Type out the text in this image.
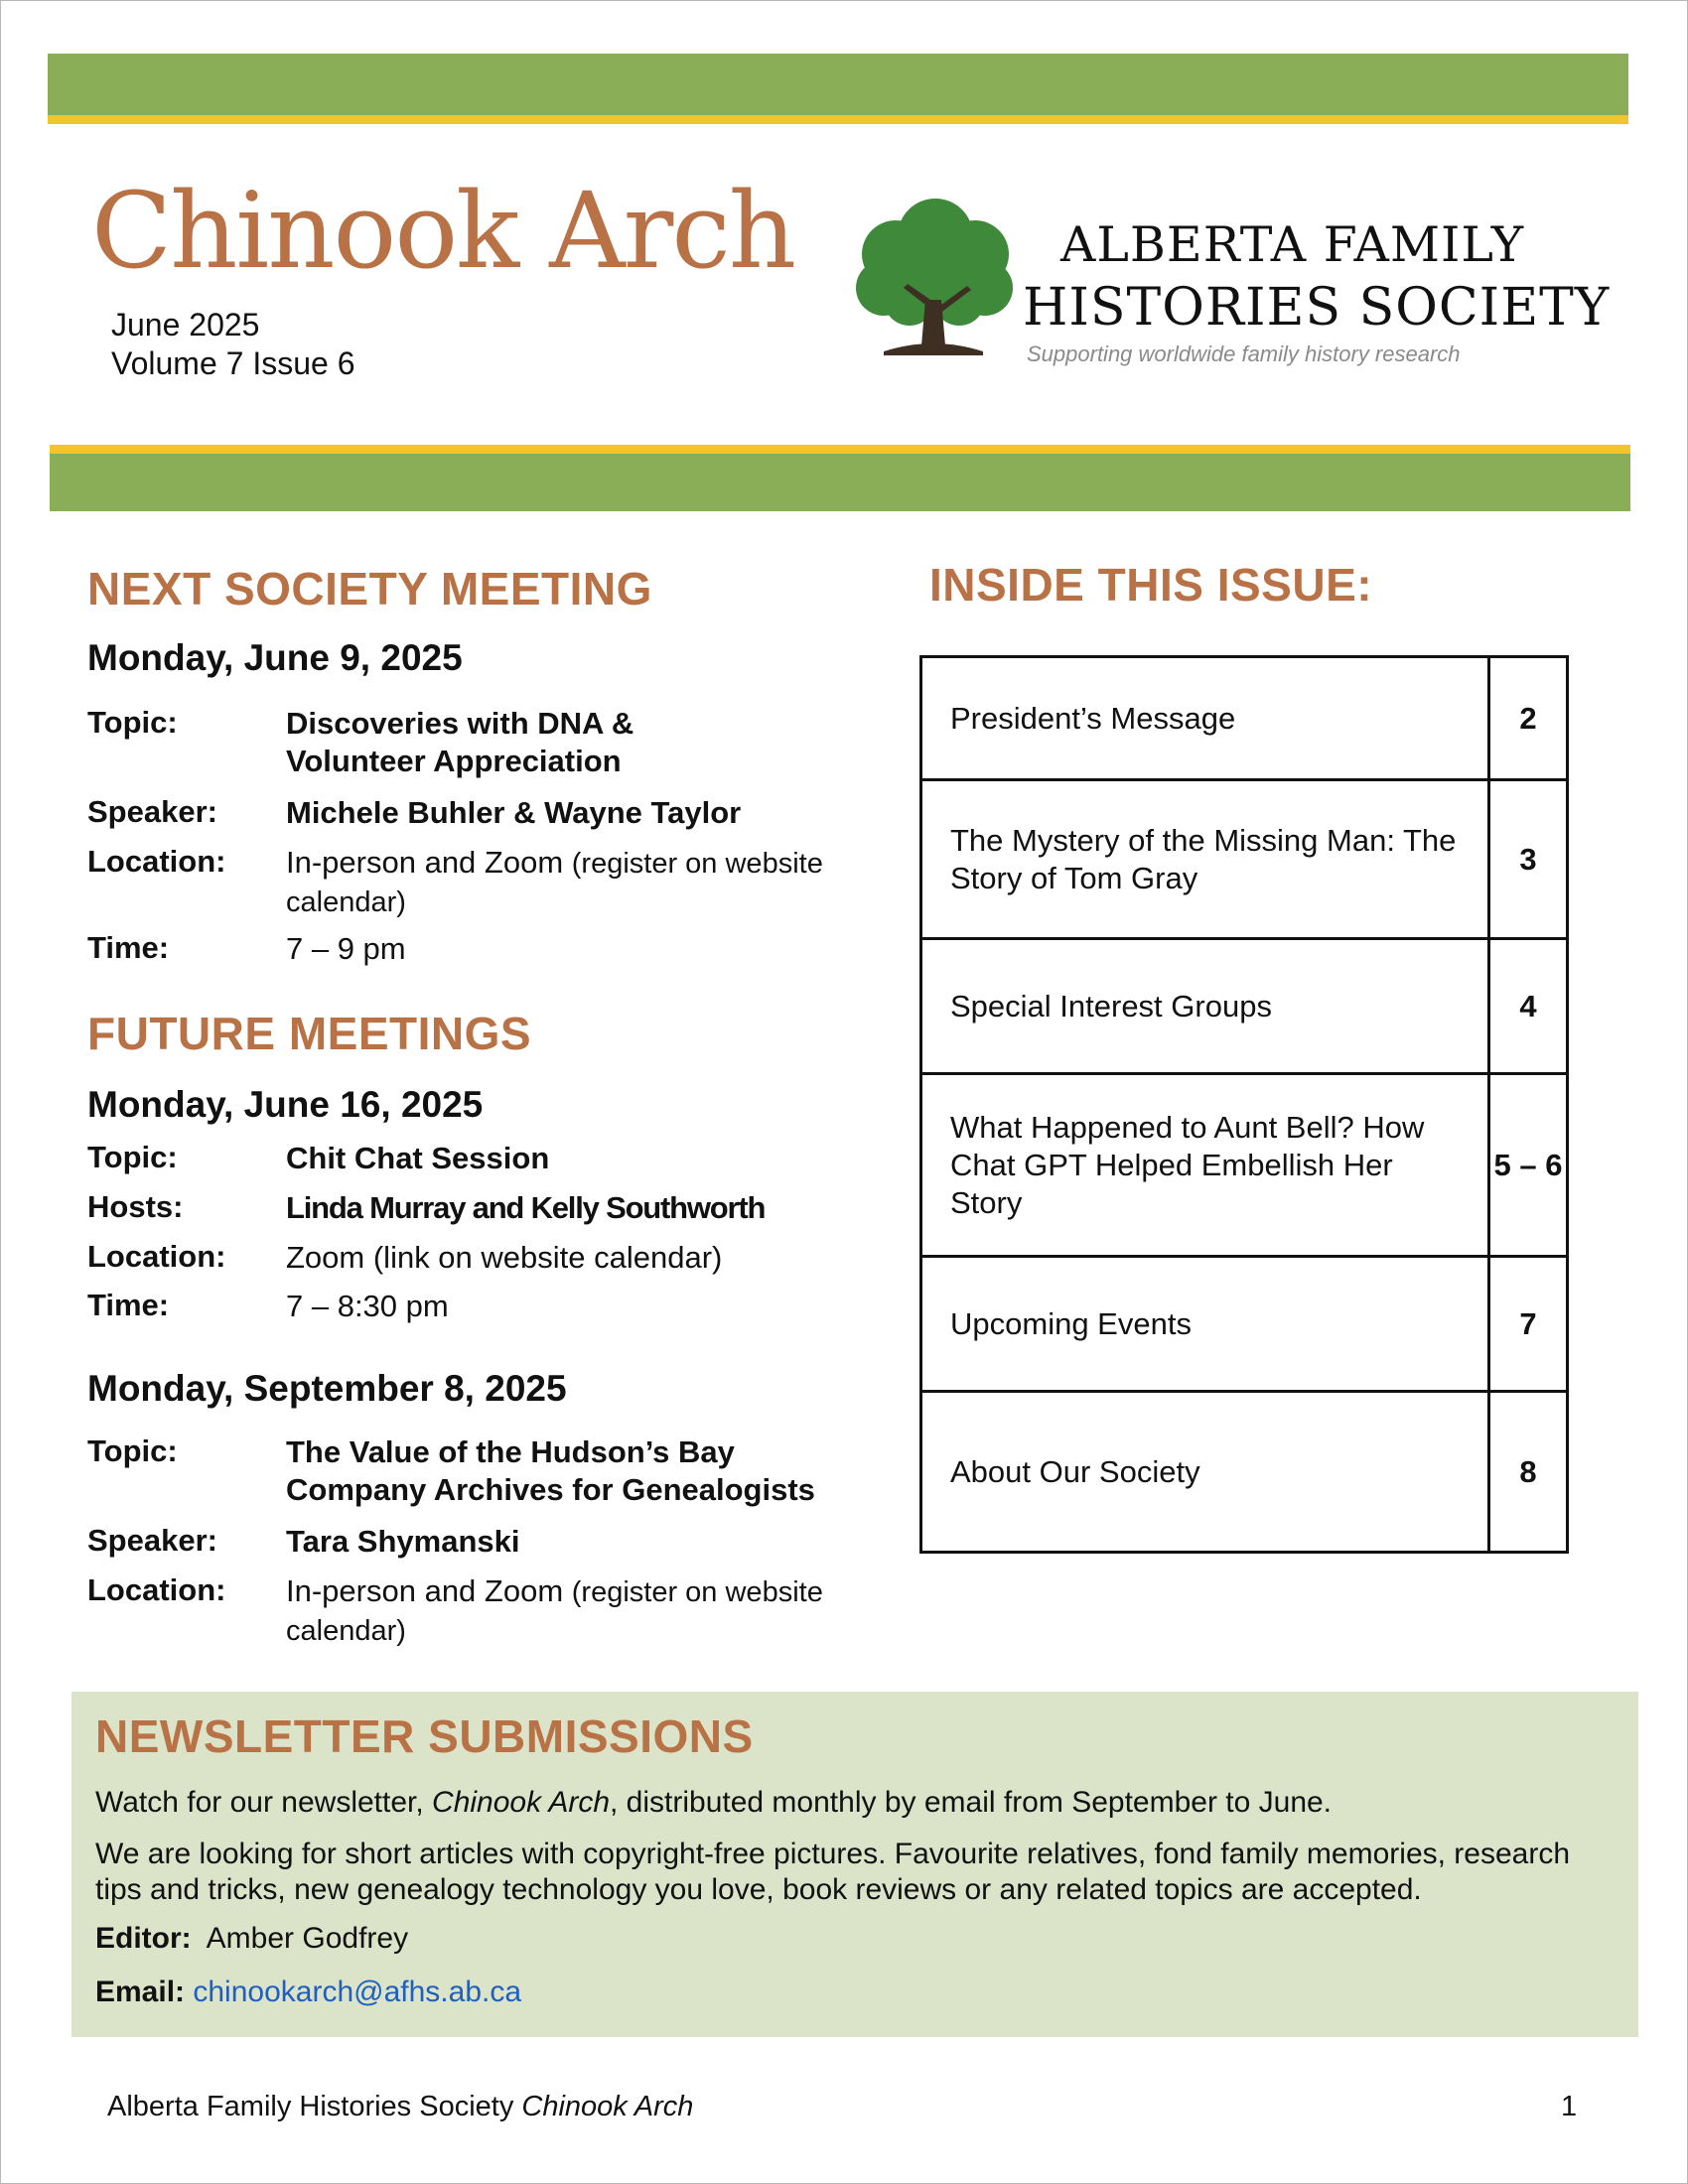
Chinook Arch
June 2025
Volume 7 Issue 6
ALBERTA FAMILY
HISTORIES SOCIETY
Supporting worldwide family history research
NEXT SOCIETY MEETING
Monday, June 9, 2025
Topic:	Discoveries with DNA & Volunteer Appreciation
Speaker: Michele Buhler & Wayne Taylor
Location: In-person and Zoom (register on website calendar)
Time:	7 – 9 pm
FUTURE MEETINGS
Monday, June 16, 2025
Topic:	Chit Chat Session
Hosts:	Linda Murray and Kelly Southworth
Location: Zoom (link on website calendar)
Time:	7 – 8:30 pm
Monday, September 8, 2025
Topic:	The Value of the Hudson’s Bay Company Archives for Genealogists
Speaker: Tara Shymanski
Location: In-person and Zoom (register on website calendar)
INSIDE THIS ISSUE:
President’s Message	2
The Mystery of the Missing Man: The Story of Tom Gray	3
Special Interest Groups	4
What Happened to Aunt Bell? How Chat GPT Helped Embellish Her Story	5 – 6
Upcoming Events	7
About Our Society	8
NEWSLETTER SUBMISSIONS

Watch for our newsletter, Chinook Arch, distributed monthly by email from September to June.

We are looking for short articles with copyright-free pictures. Favourite relatives, fond family memories, research tips and tricks, new genealogy technology you love, book reviews or any related topics are accepted.

Editor: Amber Godfrey
Email: chinookarch@afhs.ab.ca
Alberta Family Histories Society Chinook Arch	1
